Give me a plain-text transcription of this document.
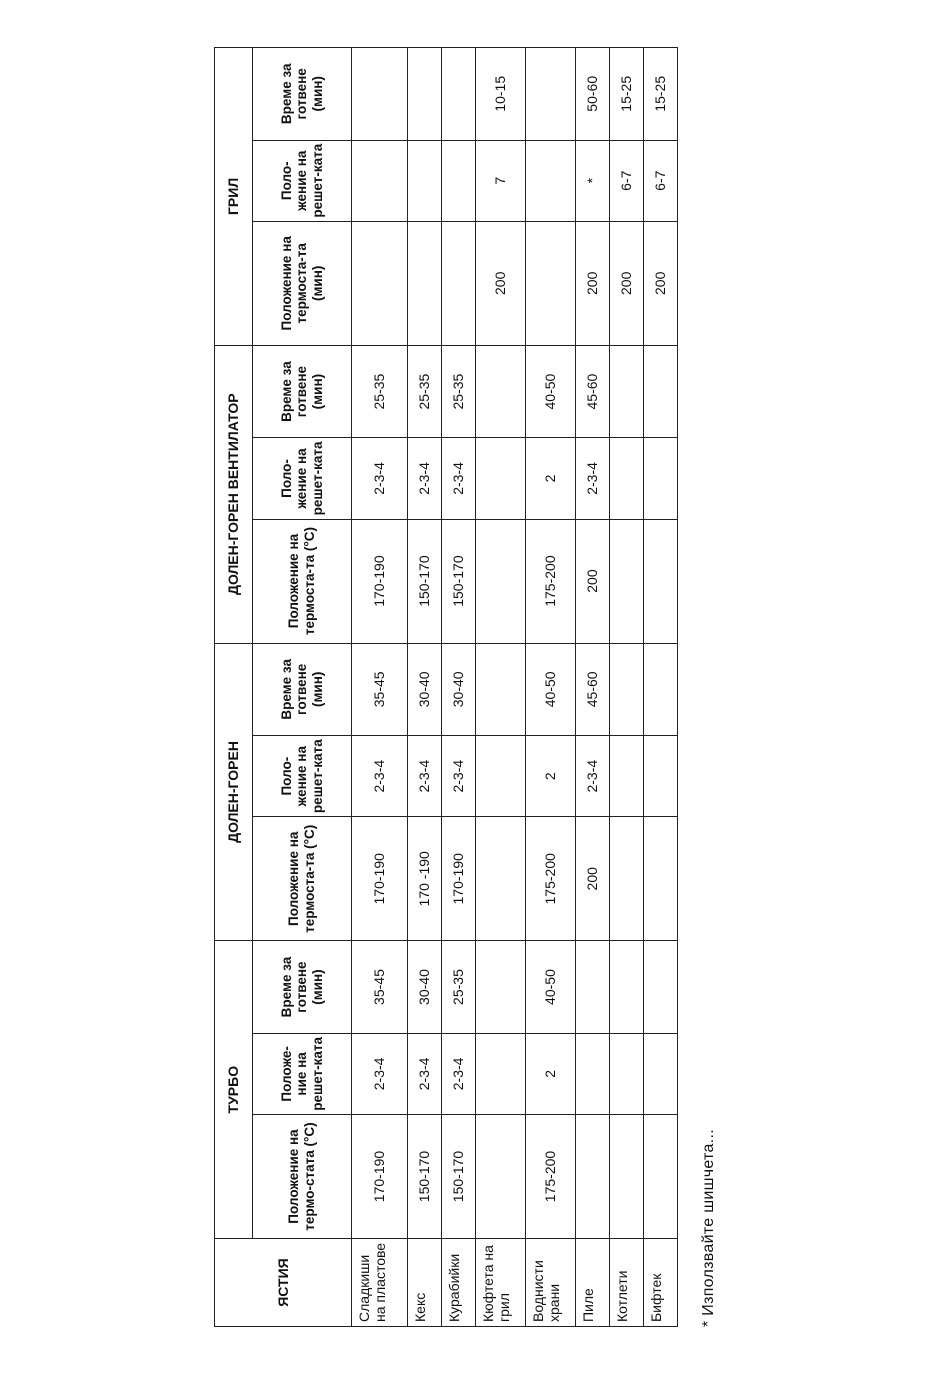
ЯСТИЯ	ТУРБО			ДОЛЕН-ГОРЕН			ДОЛЕН-ГОРЕН ВЕНТИЛАТОР			ГРИЛ		
	Положение на термо-стата (°C)	Положе-ние на решет-ката	Време за готвене (мин)	Положение на термоста-та (°C)	Поло-жение на решет-ката	Време за готвене (мин)	Положение на термоста-та (°C)	Поло-жение на решет-ката	Време за готвене (мин)	Положение на термоста-та (мин)	Поло-жение на решет-ката	Време за готвене (мин)
Сладкиши на пластове	170-190	2-3-4	35-45	170-190	2-3-4	35-45	170-190	2-3-4	25-35			
Кекс	150-170	2-3-4	30-40	170 -190	2-3-4	30-40	150-170	2-3-4	25-35			
Курабийки	150-170	2-3-4	25-35	170-190	2-3-4	30-40	150-170	2-3-4	25-35			
Кюфтета на грил										200	7	10-15
Воднисти храни	175-200	2	40-50	175-200	2	40-50	175-200	2	40-50			
Пиле				200	2-3-4	45-60	200	2-3-4	45-60	200	*	50-60
Котлети										200	6-7	15-25
Бифтек										200	6-7	15-25
* Използвайте шишчета...
